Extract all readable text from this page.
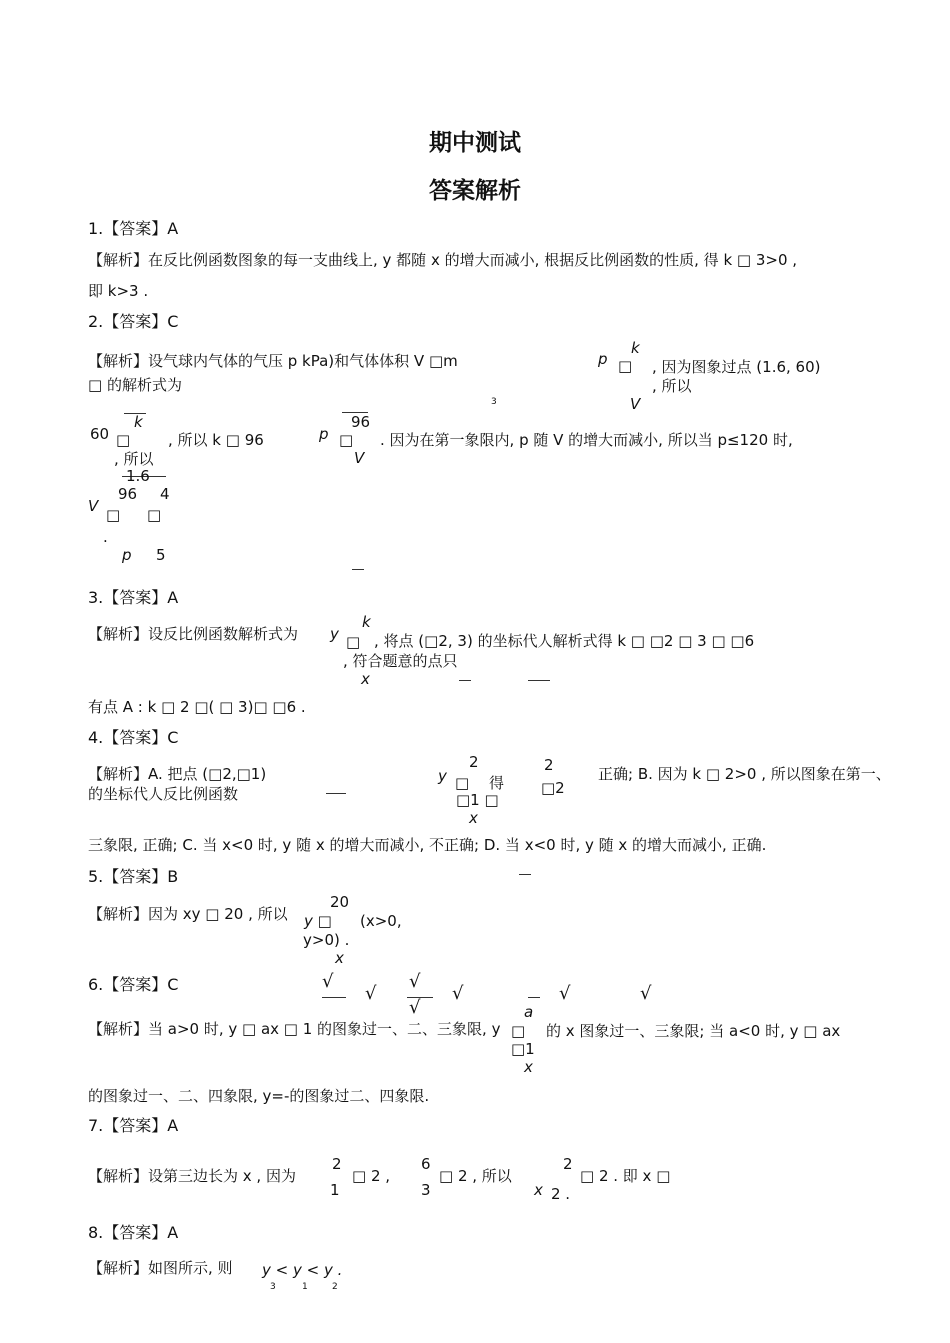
期中测试
答案解析
1.【答案】A
【解析】在反比例函数图象的每一支曲线上, y 都随 x 的增大而减小, 根据反比例函数的性质, 得 k □ 3>0 ,
即 k>3 .
2.【答案】C
【解析】设气球内气体的气压 p kPa)和气体体积 V □m
□ 的解析式为
p
k
□ , 因为图象过点 (1.6, 60)
, 所以
V
3
k
60 □	, 所以 k □ 96	p
96
□
V
. 因为在第一象限内, p 随 V 的增大而减小, 所以当 p≤120 时,
, 所以
1.6
96 4
V □ □
.
p 5
3.【答案】A
【解析】设反比例函数解析式为 y
k
□ , 将点 (□2, 3) 的坐标代人解析式得 k □ □2 □ 3 □ □6
, 符合题意的点只
x
有点 A : k □ 2 □( □ 3)□ □6 .
4.【答案】C
【解析】A. 把点 (□2,□1)
的坐标代人反比例函数
y
2
□ 得
□1 □
x
2
□2
正确; B. 因为 k □ 2>0 , 所以图象在第一、
三象限, 正确; C. 当 x<0 时, y 随 x 的增大而减小, 不正确; D. 当 x<0 时, y 随 x 的增大而减小, 正确.
5.【答案】B
【解析】因为 xy □ 20 , 所以
20
y □ (x>0,
y>0) .
x
6.【答案】C	√
√
√
√
√	√	√
【解析】当 a>0 时, y □ ax □ 1 的图象过一、二、三象限, y
a
□ 的 x 图象过一、三象限; 当 a<0 时, y □ ax
□1
x
的图象过一、二、四象限, y=-的图象过二、四象限.
7.【答案】A
【解析】设第三边长为 x , 因为
2
1
□ 2 ,
6
3
□ 2 , 所以
2
x
□ 2 . 即 x □
2 .
8.【答案】A
【解析】如图所示, 则 y < y < y .
3	1	2
